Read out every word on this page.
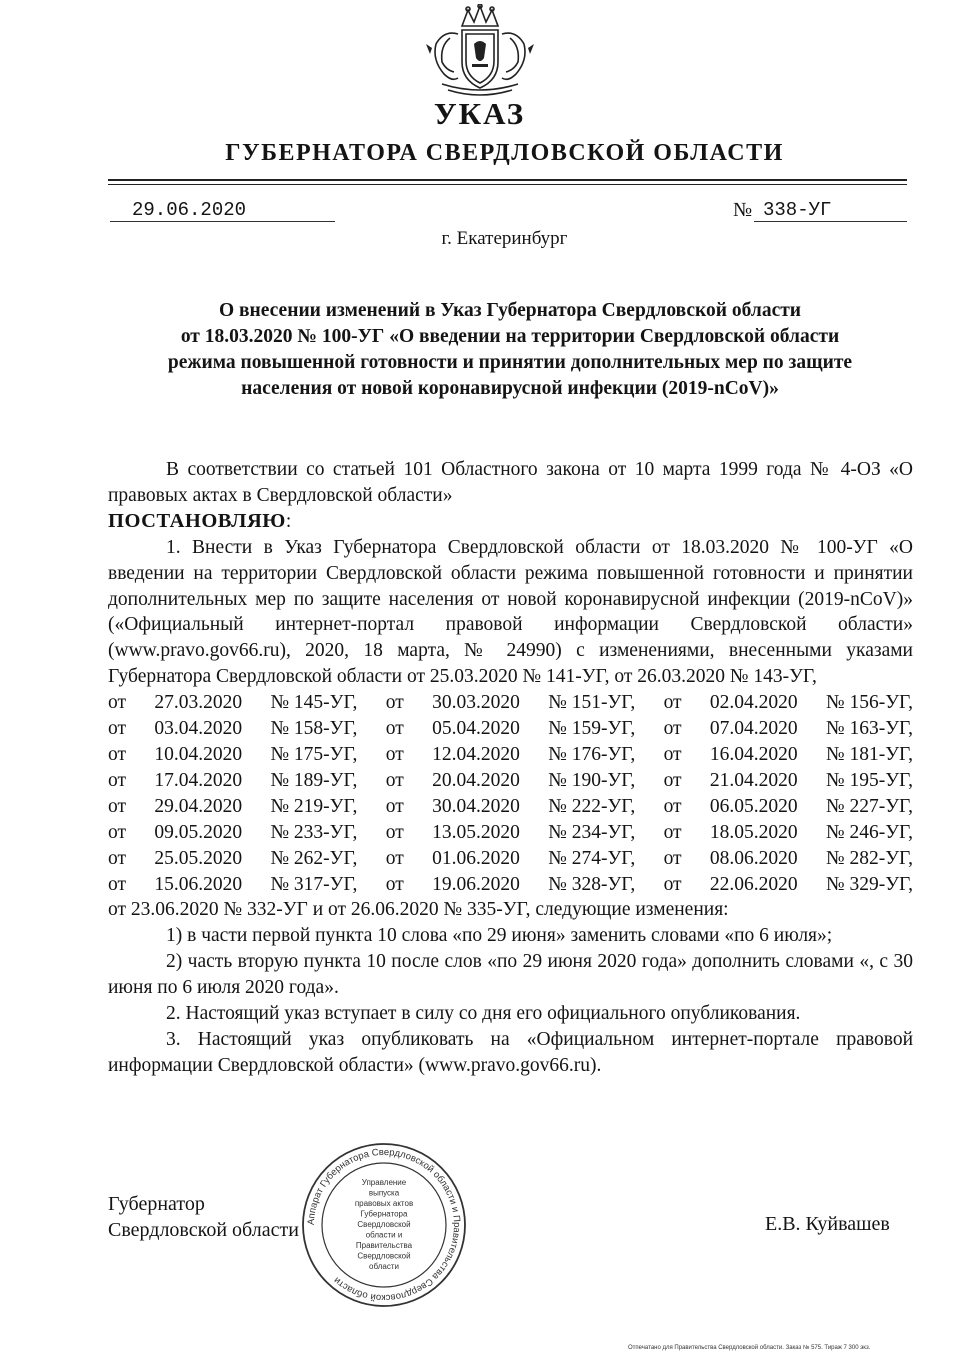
УКАЗ
ГУБЕРНАТОРА СВЕРДЛОВСКОЙ ОБЛАСТИ
29.06.2020	№ 338-УГ
г. Екатеринбург
О внесении изменений в Указ Губернатора Свердловской области
от 18.03.2020 № 100-УГ «О введении на территории Свердловской области
режима повышенной готовности и принятии дополнительных мер по защите
населения от новой коронавирусной инфекции (2019-nCoV)»

В соответствии со статьей 101 Областного закона от 10 марта 1999 года № 4-ОЗ «О правовых актах в Свердловской области»

ПОСТАНОВЛЯЮ:

1. Внести в Указ Губернатора Свердловской области от 18.03.2020 № 100-УГ «О введении на территории Свердловской области режима повышенной готовности и принятии дополнительных мер по защите населения от новой коронавирусной инфекции (2019-nCoV)» («Официальный интернет-портал правовой информации Свердловской области» (www.pravo.gov66.ru), 2020, 18 марта, № 24990) с изменениями, внесенными указами Губернатора Свердловской области от 25.03.2020 № 141-УГ, от 26.03.2020 № 143-УГ,

от 27.03.2020 № 145-УГ, от 30.03.2020 № 151-УГ, от 02.04.2020 № 156-УГ,
от 03.04.2020 № 158-УГ, от 05.04.2020 № 159-УГ, от 07.04.2020 № 163-УГ,
от 10.04.2020 № 175-УГ, от 12.04.2020 № 176-УГ, от 16.04.2020 № 181-УГ,
от 17.04.2020 № 189-УГ, от 20.04.2020 № 190-УГ, от 21.04.2020 № 195-УГ,
от 29.04.2020 № 219-УГ, от 30.04.2020 № 222-УГ, от 06.05.2020 № 227-УГ,
от 09.05.2020 № 233-УГ, от 13.05.2020 № 234-УГ, от 18.05.2020 № 246-УГ,
от 25.05.2020 № 262-УГ, от 01.06.2020 № 274-УГ, от 08.06.2020 № 282-УГ,
от 15.06.2020 № 317-УГ, от 19.06.2020 № 328-УГ, от 22.06.2020 № 329-УГ,

от 23.06.2020 № 332-УГ и от 26.06.2020 № 335-УГ, следующие изменения:

1) в части первой пункта 10 слова «по 29 июня» заменить словами «по 6 июля»;

2) часть вторую пункта 10 после слов «по 29 июня 2020 года» дополнить словами «, с 30 июня по 6 июля 2020 года».

2. Настоящий указ вступает в силу со дня его официального опубликования.

3. Настоящий указ опубликовать на «Официальном интернет-портале правовой информации Свердловской области» (www.pravo.gov66.ru).

Губернатор
Свердловской области	Е.В. Куйвашев
Аппарат Губернатора Свердловской области и Правительства Свердловской области
Управление выпуска правовых актов Губернатора Свердловской области и Правительства Свердловской области
Отпечатано для Правительства Свердловской области. Заказ № 575. Тираж 7 300 экз.
